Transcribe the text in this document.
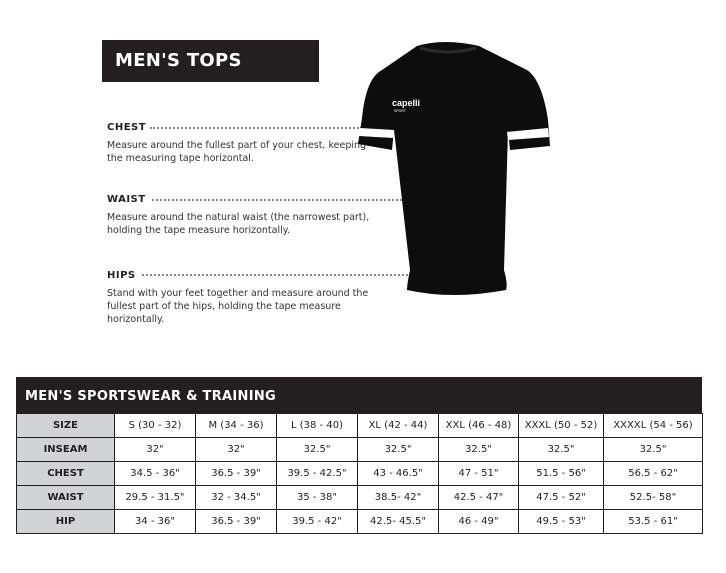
MEN'S TOPS
CHEST
Measure around the fullest part of your chest, keeping the measuring tape horizontal.
WAIST
Measure around the natural waist (the narrowest part), holding the tape measure horizontally.
HIPS
Stand with your feet together and measure around the fullest part of the hips, holding the tape measure horizontally.
capelli
SPORT
MEN'S SPORTSWEAR & TRAINING
SIZE	S (30 - 32)	M (34 - 36)	L (38 - 40)	XL (42 - 44)	XXL (46 - 48)	XXXL (50 - 52)	XXXXL (54 - 56)
INSEAM	32"	32"	32.5"	32.5"	32.5"	32.5"	32.5"
CHEST	34.5 - 36"	36.5 - 39"	39.5 - 42.5"	43 - 46.5"	47 - 51"	51.5 - 56"	56.5 - 62"
WAIST	29.5 - 31.5"	32 - 34.5"	35 - 38"	38.5- 42"	42.5 - 47"	47.5 - 52"	52.5- 58"
HIP	34 - 36"	36.5 - 39"	39.5 - 42"	42.5- 45.5"	46 - 49"	49.5 - 53"	53.5 - 61"
